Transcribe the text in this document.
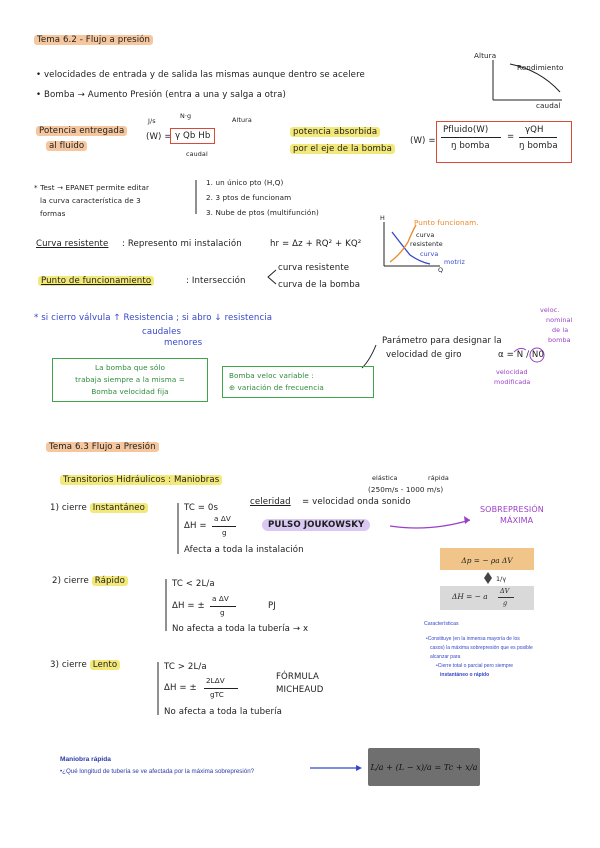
Tema 6.2 - Flujo a presión
• velocidades de entrada y de salida las mismas aunque dentro se acelere
• Bomba → Aumento Presión (entra a una y salga a otra)
Altura
Rendimiento
caudal
Potencia entregada
al fluido
J/s
(W) =
N·g	Altura
γ Qb Hb
caudal
potencia absorbida
por el eje de la bomba
(W) =
Pfluido(W)
ŋ bomba
=
γQH
ŋ bomba
* Test → EPANET permite editar
la curva característica de 3
formas
1. un único pto (H,Q)
2. 3 ptos de funcionam
3. Nube de ptos (multifunción)
Curva resistente : Represento mi instalación	hr = Δz + RQ² + KQ²
H
Q
Punto funcionam.
curva
resistente
curva
motriz
Punto de funcionamiento	: Intersección
curva resistente
curva de la bomba
* si cierro válvula ↑ Resistencia ; si abro ↓ resistencia
caudales
menores	Parámetro para designar la
velocidad de giro	α = N / N0
veloc.
nominal
de la
bomba
velocidad
modificada
La bomba que sólo
trabaja siempre a la misma =
Bomba velocidad fija
Bomba veloc variable :
⊕ variación de frecuencia
Tema 6.3 Flujo a Presión
Transitorios Hidráulicos : Maniobras	elástica	rápida
(250m/s - 1000 m/s)
SOBREPRESIÓN
MÁXIMA
1) cierre Instantáneo	TC = 0s
celeridad = velocidad onda sonido
ΔH =
a ΔV
g
PULSO JOUKOWSKY
Afecta a toda la instalación
2) cierre Rápido	TC < 2L/a
ΔH = ±
a ΔV
g
PJ
No afecta a toda la tubería → x
3) cierre Lento	TC > 2L/a
ΔH = ±
2LΔV
gTC
FÓRMULA
MICHEAUD
No afecta a toda la tubería
Δp = − ρa ΔV
1/γ
ΔH = − a
ΔV
g
Características
•Constituye (en la inmensa mayoría de los
casos) la máxima sobrepresión que es posible
alcanzar para
•Cierre total o parcial pero siempre
instantáneo o rápido
Maniobra rápida
•¿Qué longitud de tubería se ve afectada por la máxima sobrepresión?	L/a + (L − x)/a = Tc + x/a
